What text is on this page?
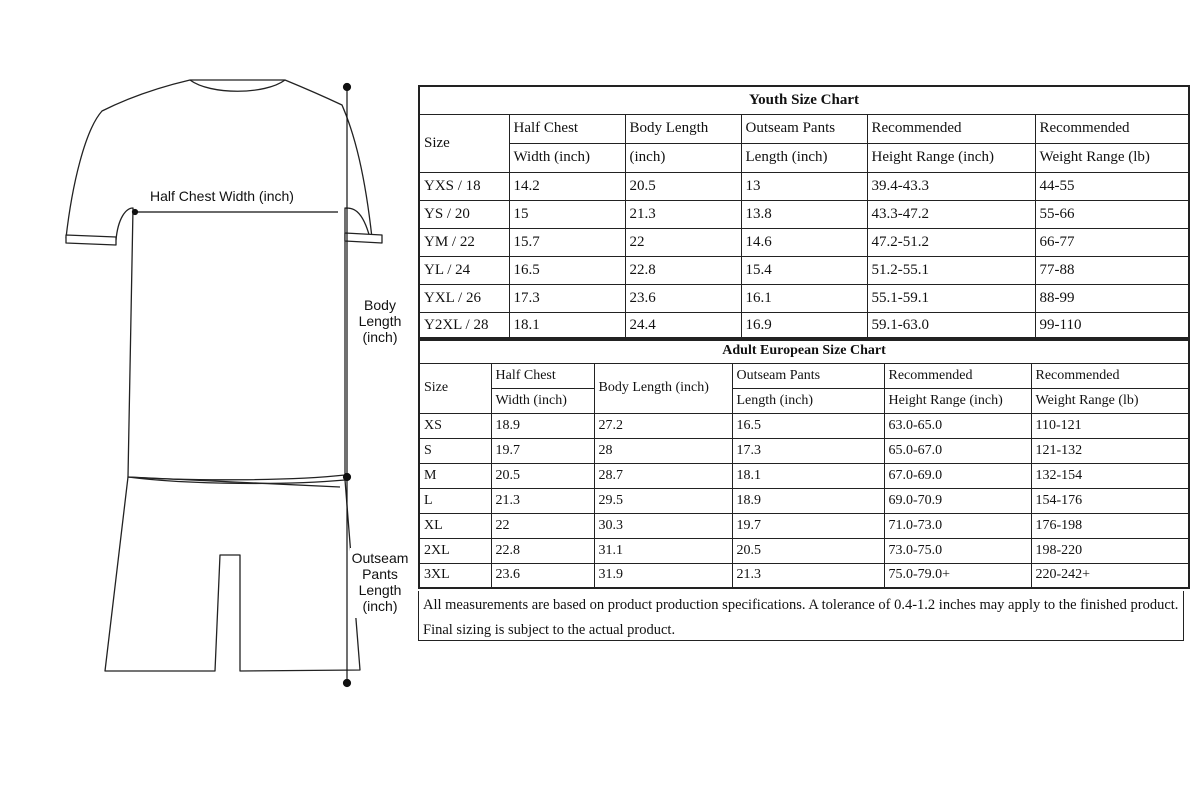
Half Chest Width (inch)
Body
Length
(inch)
Outseam
Pants
Length
(inch)
Youth Size Chart					
Size	Half Chest	Body Length	Outseam Pants	Recommended	Recommended
	Width (inch)	(inch)	Length (inch)	Height Range (inch)	Weight Range (lb)
YXS / 18	14.2	20.5	13	39.4-43.3	44-55
YS / 20	15	21.3	13.8	43.3-47.2	55-66
YM / 22	15.7	22	14.6	47.2-51.2	66-77
YL / 24	16.5	22.8	15.4	51.2-55.1	77-88
YXL / 26	17.3	23.6	16.1	55.1-59.1	88-99
Y2XL / 28	18.1	24.4	16.9	59.1-63.0	99-110
Adult European Size Chart					
Size	Half Chest	Body Length (inch)	Outseam Pants	Recommended	Recommended
	Width (inch)		Length (inch)	Height Range (inch)	Weight Range (lb)
XS	18.9	27.2	16.5	63.0-65.0	110-121
S	19.7	28	17.3	65.0-67.0	121-132
M	20.5	28.7	18.1	67.0-69.0	132-154
L	21.3	29.5	18.9	69.0-70.9	154-176
XL	22	30.3	19.7	71.0-73.0	176-198
2XL	22.8	31.1	20.5	73.0-75.0	198-220
3XL	23.6	31.9	21.3	75.0-79.0+	220-242+
All measurements are based on product production specifications. A tolerance of 0.4-1.2 inches may apply to the finished product. Final sizing is subject to the actual product.
